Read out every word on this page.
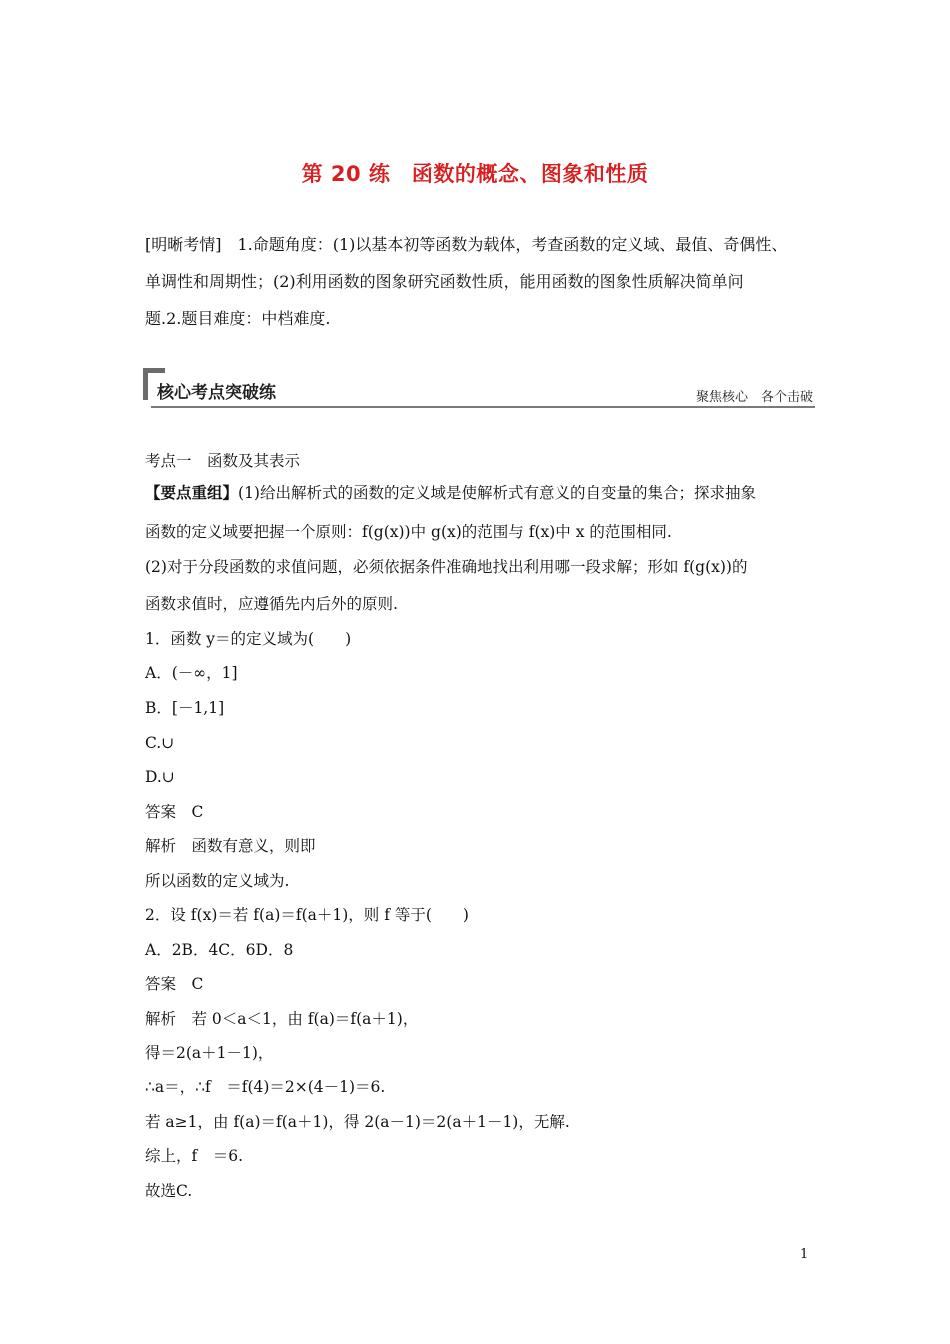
第 20 练　函数的概念、图象和性质
[明晰考情]　1.命题角度：(1)以基本初等函数为载体，考查函数的定义域、最值、奇偶性、
单调性和周期性；(2)利用函数的图象研究函数性质，能用函数的图象性质解决简单问
题.2.题目难度：中档难度.
核心考点突破练	聚焦核心　各个击破
考点一　函数及其表示
【要点重组】(1)给出解析式的函数的定义域是使解析式有意义的自变量的集合；探求抽象
函数的定义域要把握一个原则：f(g(x))中 g(x)的范围与 f(x)中 x 的范围相同.
(2)对于分段函数的求值问题，必须依据条件准确地找出利用哪一段求解；形如 f(g(x))的
函数求值时，应遵循先内后外的原则.
1．函数 y＝的定义域为(　　)
A．(－∞，1]
B．[－1,1]
C.∪
D.∪
答案　C
解析　函数有意义，则即
所以函数的定义域为.
2．设 f(x)＝若 f(a)＝f(a＋1)，则 f 等于(　　)
A．2B．4C．6D．8
答案　C
解析　若 0＜a＜1，由 f(a)＝f(a＋1)，
得＝2(a＋1－1)，
∴a＝，∴f　＝f(4)＝2×(4－1)＝6.
若 a≥1，由 f(a)＝f(a＋1)，得 2(a－1)＝2(a＋1－1)，无解.
综上，f　＝6.
故选C.
1
